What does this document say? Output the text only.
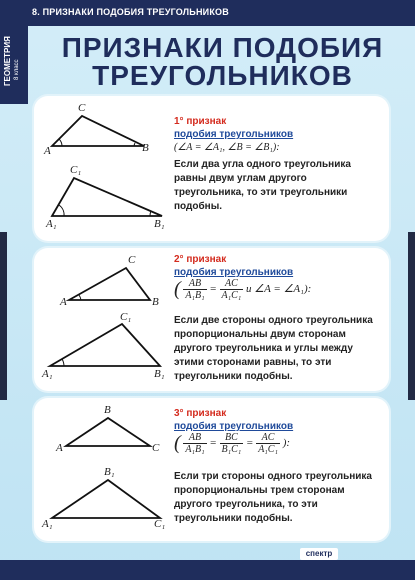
8. ПРИЗНАКИ ПОДОБИЯ ТРЕУГОЛЬНИКОВ
ГЕОМЕТРИЯ 8 класс
ПРИЗНАКИ ПОДОБИЯ
ТРЕУГОЛЬНИКОВ
C
A	B
C₁
A₁	B₁
1° признак
подобия треугольников
(∠A = ∠A₁, ∠B = ∠B₁):
Если два угла одного треугольника равны двум углам другого треугольника, то эти треугольники подобны.
C
A	B
C₁
A₁	B₁
2° признак
подобия треугольников
( $\frac{AB}{\text{A₁B₁}} = \frac{AC}{\text{A₁C₁}}$ и ∠A = ∠A₁):
Если две стороны одного треугольника пропорциональны двум сторонам другого треугольника и углы между этими сторонами равны, то эти треугольники подобны.
B
A	C
B₁
A₁	C₁
3° признак
подобия треугольников
( $\frac{AB}{\text{A₁B₁}} = \frac{BC}{\text{B₁C₁}} = \frac{AC}{\text{A₁C₁}}$ ):
Если три стороны одного треугольника пропорциональны трем сторонам другого треугольника, то эти треугольники подобны.
спектр
